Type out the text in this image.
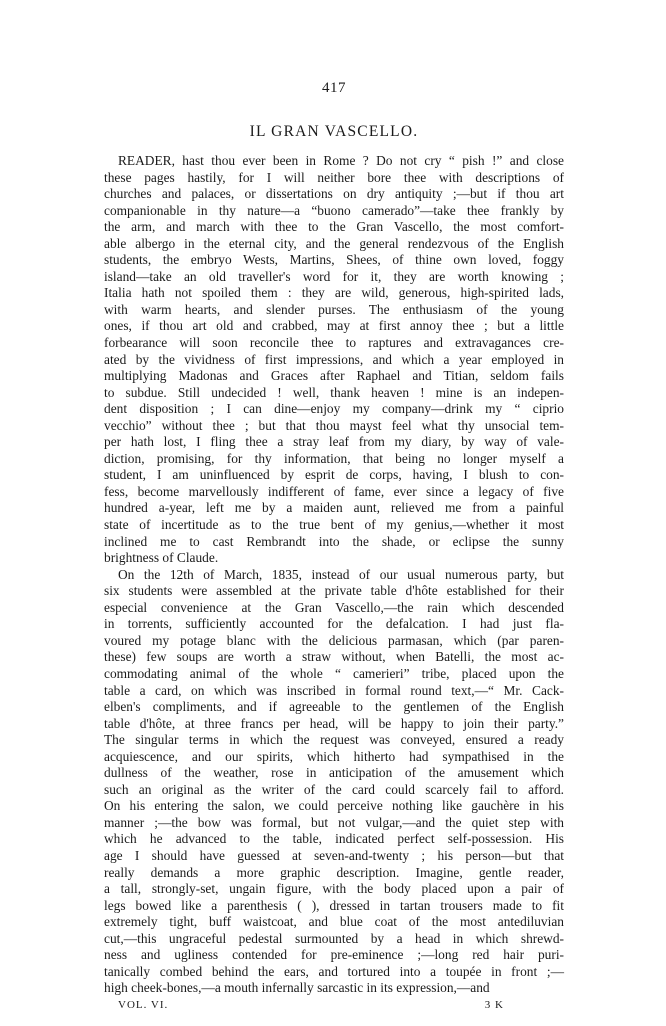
417
IL GRAN VASCELLO.
READER, hast thou ever been in Rome ? Do not cry “ pish !” and close
these pages hastily, for I will neither bore thee with descriptions of
churches and palaces, or dissertations on dry antiquity ;—but if thou art
companionable in thy nature—a “buono camerado”—take thee frankly by
the arm, and march with thee to the Gran Vascello, the most comfort-
able albergo in the eternal city, and the general rendezvous of the English
students, the embryo Wests, Martins, Shees, of thine own loved, foggy
island—take an old traveller's word for it, they are worth knowing ;
Italia hath not spoiled them : they are wild, generous, high-spirited lads,
with warm hearts, and slender purses. The enthusiasm of the young
ones, if thou art old and crabbed, may at first annoy thee ; but a little
forbearance will soon reconcile thee to raptures and extravagances cre-
ated by the vividness of first impressions, and which a year employed in
multiplying Madonas and Graces after Raphael and Titian, seldom fails
to subdue. Still undecided ! well, thank heaven ! mine is an indepen-
dent disposition ; I can dine—enjoy my company—drink my “ ciprio
vecchio” without thee ; but that thou mayst feel what thy unsocial tem-
per hath lost, I fling thee a stray leaf from my diary, by way of vale-
diction, promising, for thy information, that being no longer myself a
student, I am uninfluenced by esprit de corps, having, I blush to con-
fess, become marvellously indifferent of fame, ever since a legacy of five
hundred a-year, left me by a maiden aunt, relieved me from a painful
state of incertitude as to the true bent of my genius,—whether it most
inclined me to cast Rembrandt into the shade, or eclipse the sunny
brightness of Claude.
On the 12th of March, 1835, instead of our usual numerous party, but
six students were assembled at the private table d'hôte established for their
especial convenience at the Gran Vascello,—the rain which descended
in torrents, sufficiently accounted for the defalcation. I had just fla-
voured my potage blanc with the delicious parmasan, which (par paren-
these) few soups are worth a straw without, when Batelli, the most ac-
commodating animal of the whole “ camerieri” tribe, placed upon the
table a card, on which was inscribed in formal round text,—“ Mr. Cack-
elben's compliments, and if agreeable to the gentlemen of the English
table d'hôte, at three francs per head, will be happy to join their party.”
The singular terms in which the request was conveyed, ensured a ready
acquiescence, and our spirits, which hitherto had sympathised in the
dullness of the weather, rose in anticipation of the amusement which
such an original as the writer of the card could scarcely fail to afford.
On his entering the salon, we could perceive nothing like gauchère in his
manner ;—the bow was formal, but not vulgar,—and the quiet step with
which he advanced to the table, indicated perfect self-possession. His
age I should have guessed at seven-and-twenty ; his person—but that
really demands a more graphic description. Imagine, gentle reader,
a tall, strongly-set, ungain figure, with the body placed upon a pair of
legs bowed like a parenthesis ( ), dressed in tartan trousers made to fit
extremely tight, buff waistcoat, and blue coat of the most antediluvian
cut,—this ungraceful pedestal surmounted by a head in which shrewd-
ness and ugliness contended for pre-eminence ;—long red hair puri-
tanically combed behind the ears, and tortured into a toupée in front ;—
high cheek-bones,—a mouth infernally sarcastic in its expression,—and
VOL. VI.	3 K
